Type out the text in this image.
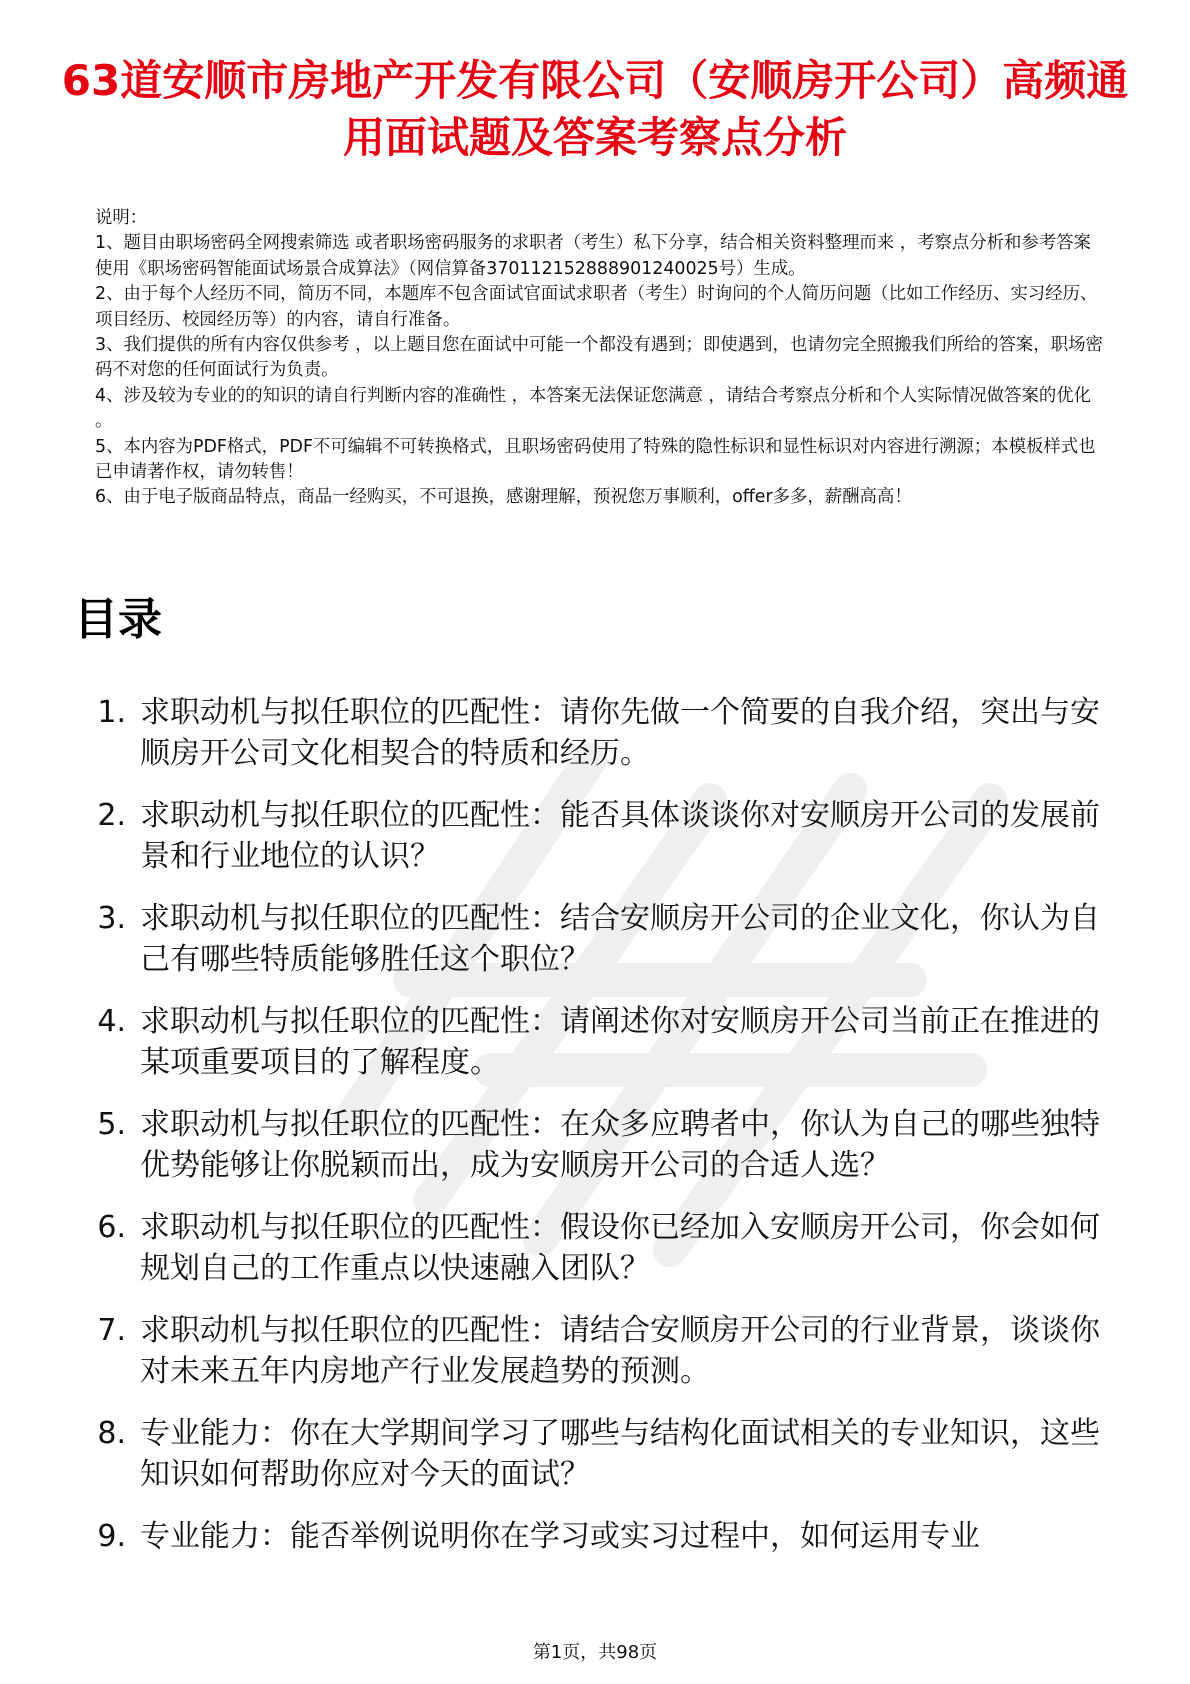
63道安顺市房地产开发有限公司（安顺房开公司）高频通用面试题及答案考察点分析

说明：

1、题目由职场密码全网搜索筛选 或者职场密码服务的求职者（考生）私下分享，结合相关资料整理而来 ，考察点分析和参考答案使用《职场密码智能面试场景合成算法》（网信算备370112152888901240025号）生成。

2、由于每个人经历不同，简历不同，本题库不包含面试官面试求职者（考生）时询问的个人简历问题（比如工作经历、实习经历、项目经历、校园经历等）的内容，请自行准备。

3、我们提供的所有内容仅供参考 ，以上题目您在面试中可能一个都没有遇到；即使遇到，也请勿完全照搬我们所给的答案，职场密码不对您的任何面试行为负责。

4、涉及较为专业的的知识的请自行判断内容的准确性 ，本答案无法保证您满意 ，请结合考察点分析和个人实际情况做答案的优化 。

5、本内容为PDF格式，PDF不可编辑不可转换格式，且职场密码使用了特殊的隐性标识和显性标识对内容进行溯源；本模板样式也已申请著作权，请勿转售！

6、由于电子版商品特点，商品一经购买，不可退换，感谢理解，预祝您万事顺利，offer多多，薪酬高高！

目录
1. 求职动机与拟任职位的匹配性：请你先做一个简要的自我介绍，突出与安顺房开公司文化相契合的特质和经历。
2. 求职动机与拟任职位的匹配性：能否具体谈谈你对安顺房开公司的发展前景和行业地位的认识？
3. 求职动机与拟任职位的匹配性：结合安顺房开公司的企业文化，你认为自己有哪些特质能够胜任这个职位？
4. 求职动机与拟任职位的匹配性：请阐述你对安顺房开公司当前正在推进的某项重要项目的了解程度。
5. 求职动机与拟任职位的匹配性：在众多应聘者中，你认为自己的哪些独特优势能够让你脱颖而出，成为安顺房开公司的合适人选？
6. 求职动机与拟任职位的匹配性：假设你已经加入安顺房开公司，你会如何规划自己的工作重点以快速融入团队？
7. 求职动机与拟任职位的匹配性：请结合安顺房开公司的行业背景，谈谈你对未来五年内房地产行业发展趋势的预测。
8. 专业能力：你在大学期间学习了哪些与结构化面试相关的专业知识，这些知识如何帮助你应对今天的面试？
9. 专业能力：能否举例说明你在学习或实习过程中，如何运用专业
第1页，共98页
